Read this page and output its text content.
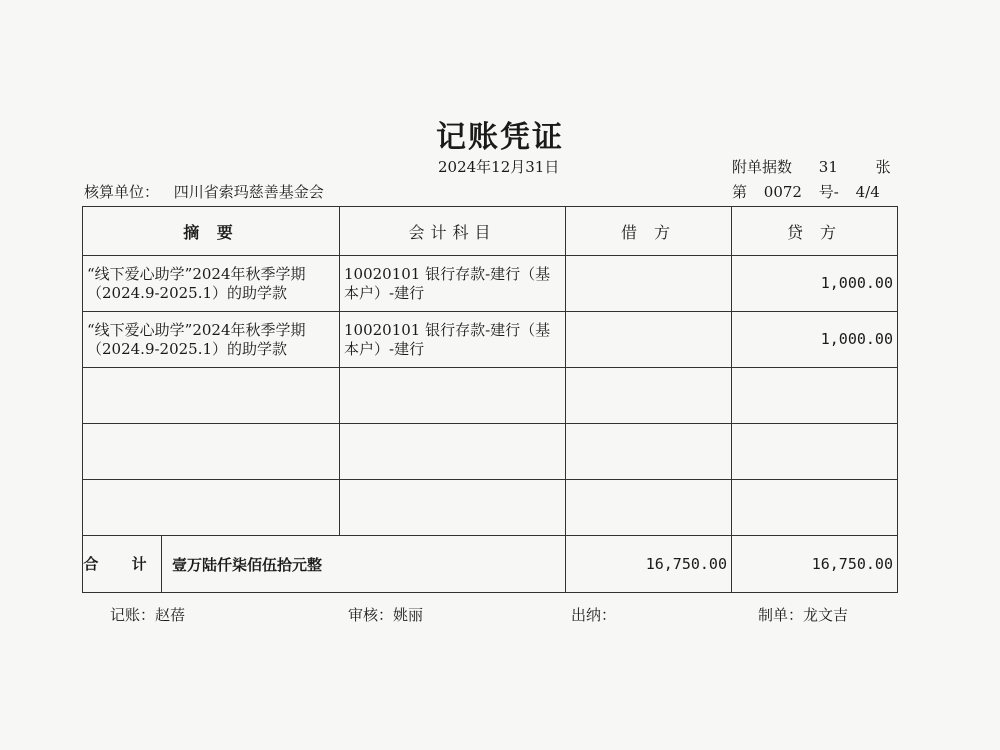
记账凭证
2024年12月31日	附单据数 31	张
核算单位： 四川省索玛慈善基金会	第 0072 号- 4/4
摘 要	会计科目	借 方	贷 方
“线下爱心助学”2024年秋季学期（2024.9-2025.1）的助学款	10020101 银行存款-建行（基本户）-建行		1,000.00
“线下爱心助学”2024年秋季学期（2024.9-2025.1）的助学款	10020101 银行存款-建行（基本户）-建行		1,000.00

合 计 壹万陆仟柒佰伍拾元整		16,750.00	16,750.00
记账：赵蓓	审核：姚丽	出纳：	制单：龙文吉
